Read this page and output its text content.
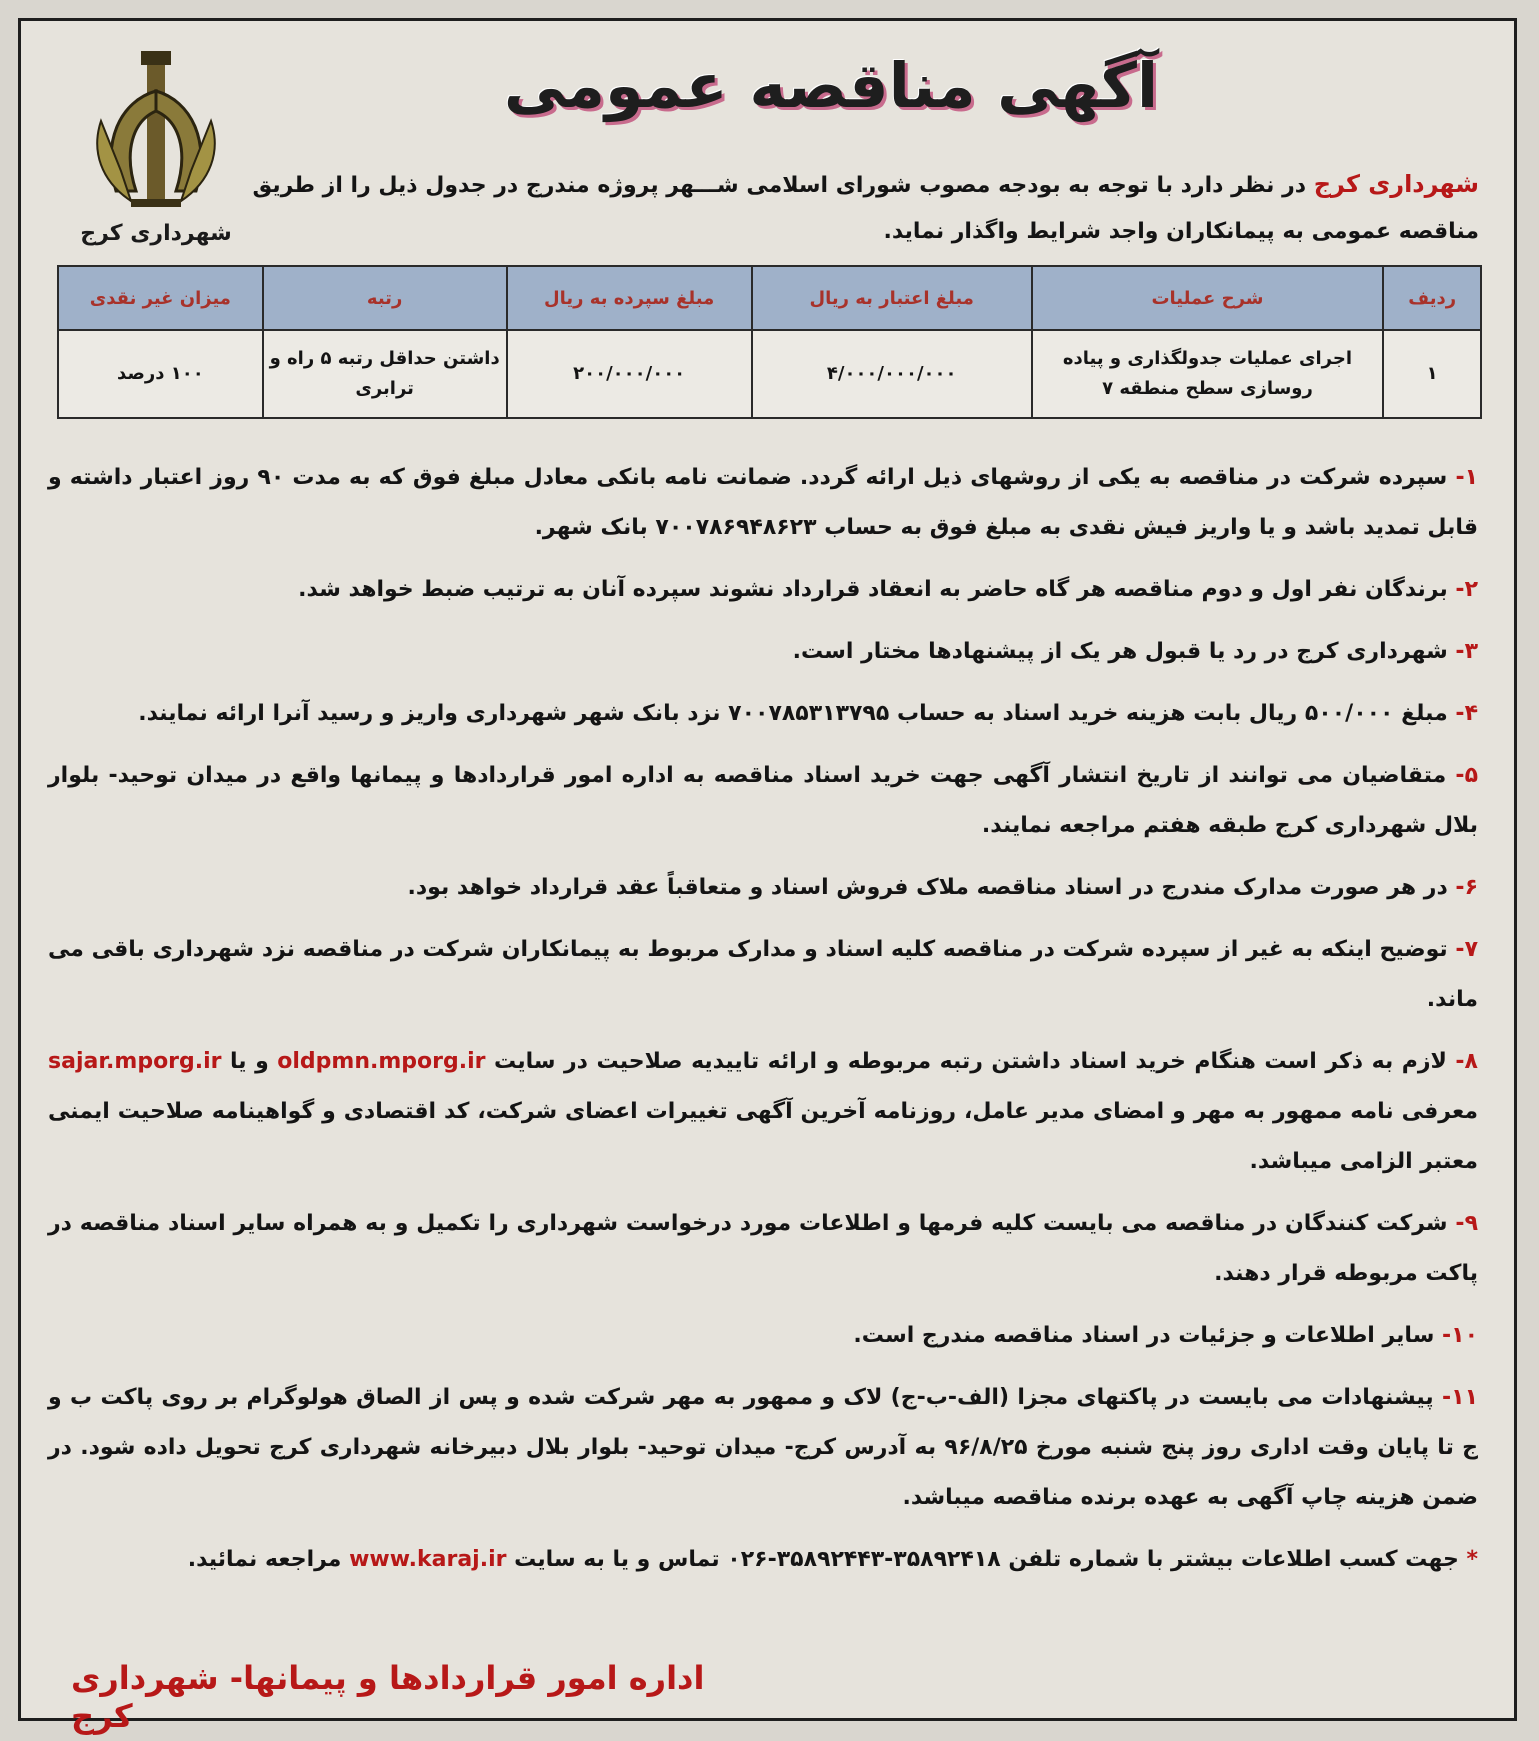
شهرداری کرج
آگهی مناقصه عمومی
شهرداری کرج در نظر دارد با توجه به بودجه مصوب شورای اسلامی شـــهر پروژه مندرج در جدول ذیل را از طریق مناقصه عمومی به پیمانکاران واجد شرایط واگذار نماید.
ردیف	شرح عملیات	مبلغ اعتبار به ریال	مبلغ سپرده به ریال	رتبه	میزان غیر نقدی
۱	اجرای عملیات جدولگذاری و پیاده روسازی سطح منطقه ۷	۴/۰۰۰/۰۰۰/۰۰۰	۲۰۰/۰۰۰/۰۰۰	داشتن حداقل رتبه ۵ راه و ترابری	۱۰۰ درصد
۱- سپرده شرکت در مناقصه به یکی از روشهای ذیل ارائه گردد. ضمانت نامه بانکی معادل مبلغ فوق که به مدت ۹۰ روز اعتبار داشته و قابل تمدید باشد و یا واریز فیش نقدی به مبلغ فوق به حساب ۷۰۰۷۸۶۹۴۸۶۲۳ بانک شهر.
۲- برندگان نفر اول و دوم مناقصه هر گاه حاضر به انعقاد قرارداد نشوند سپرده آنان به ترتیب ضبط خواهد شد.
۳- شهرداری کرج در رد یا قبول هر یک از پیشنهادها مختار است.
۴- مبلغ ۵۰۰/۰۰۰ ریال بابت هزینه خرید اسناد به حساب ۷۰۰۷۸۵۳۱۳۷۹۵ نزد بانک شهر شهرداری واریز و رسید آنرا ارائه نمایند.
۵- متقاضیان می توانند از تاریخ انتشار آگهی جهت خرید اسناد مناقصه به اداره امور قراردادها و پیمانها واقع در میدان توحید- بلوار بلال شهرداری کرج طبقه هفتم مراجعه نمایند.
۶- در هر صورت مدارک مندرج در اسناد مناقصه ملاک فروش اسناد و متعاقباً عقد قرارداد خواهد بود.
۷- توضیح اینکه به غیر از سپرده شرکت در مناقصه کلیه اسناد و مدارک مربوط به پیمانکاران شرکت در مناقصه نزد شهرداری باقی می ماند.
۸- لازم به ذکر است هنگام خرید اسناد داشتن رتبه مربوطه و ارائه تاییدیه صلاحیت در سایت oldpmn.mporg.ir و یا sajar.mporg.ir معرفی نامه ممهور به مهر و امضای مدیر عامل، روزنامه آخرین آگهی تغییرات اعضای شرکت، کد اقتصادی و گواهینامه صلاحیت ایمنی معتبر الزامی میباشد.
۹- شرکت کنندگان در مناقصه می بایست کلیه فرمها و اطلاعات مورد درخواست شهرداری را تکمیل و به همراه سایر اسناد مناقصه در پاکت مربوطه قرار دهند.
۱۰- سایر اطلاعات و جزئیات در اسناد مناقصه مندرج است.
۱۱- پیشنهادات می بایست در پاکتهای مجزا (الف-ب-ج) لاک و ممهور به مهر شرکت شده و پس از الصاق هولوگرام بر روی پاکت ب و ج تا پایان وقت اداری روز پنج شنبه مورخ ۹۶/۸/۲۵ به آدرس کرج- میدان توحید- بلوار بلال دبیرخانه شهرداری کرج تحویل داده شود. در ضمن هزینه چاپ آگهی به عهده برنده مناقصه میباشد.
* جهت کسب اطلاعات بیشتر با شماره تلفن ۳۵۸۹۲۴۱۸-۳۵۸۹۲۴۴۳-۰۲۶ تماس و یا به سایت www.karaj.ir مراجعه نمائید.
اداره امور قراردادها و پیمانها- شهرداری کرج
